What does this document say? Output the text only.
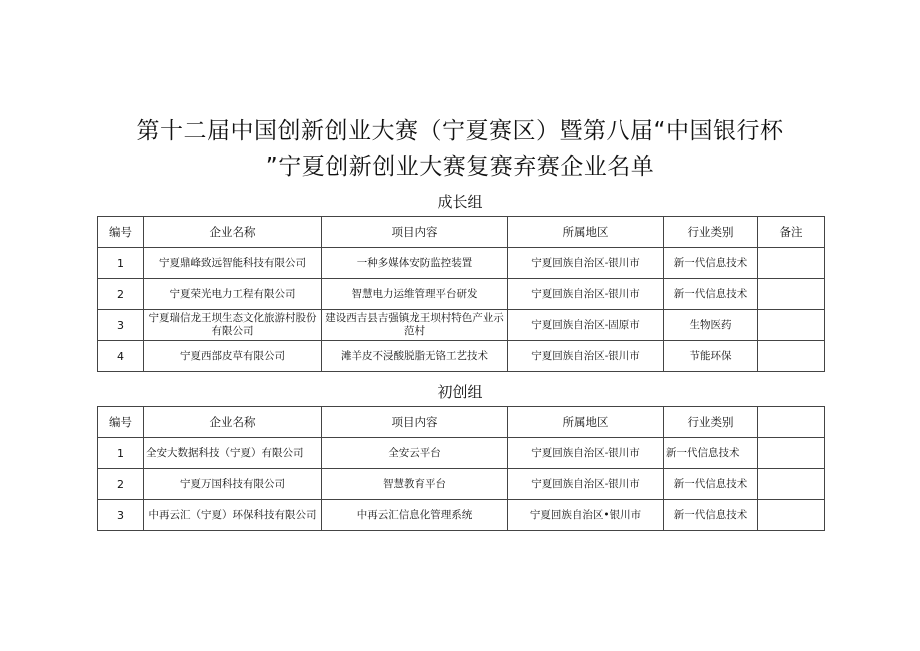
第十二届中国创新创业大赛（宁夏赛区）暨第八届“中国银行杯
”宁夏创新创业大赛复赛弃赛企业名单
成长组
编号	企业名称	项目内容	所属地区	行业类别	备注
1	宁夏鼎峰致远智能科技有限公司	一种多媒体安防监控装置	宁夏回族自治区-银川市	新一代信息技术	
2	宁夏荣光电力工程有限公司	智慧电力运维管理平台研发	宁夏回族自治区-银川市	新一代信息技术	
3	宁夏瑞信龙王坝生态文化旅游村股份有限公司	建设西吉县吉强镇龙王坝村特色产业示范村	宁夏回族自治区-固原市	生物医药	
4	宁夏西部皮草有限公司	滩羊皮不浸酸脱脂无铬工艺技术	宁夏回族自治区-银川市	节能环保	
初创组
编号	企业名称	项目内容	所属地区	行业类别	
1	全安大数据科技（宁夏）有限公司	全安云平台	宁夏回族自治区-银川市	新一代信息技术	
2	宁夏万国科技有限公司	智慧教育平台	宁夏回族自治区-银川市	新一代信息技术	
3	中再云汇（宁夏）环保科技有限公司	中再云汇信息化管理系统	宁夏回族自治区•银川市	新一代信息技术	
